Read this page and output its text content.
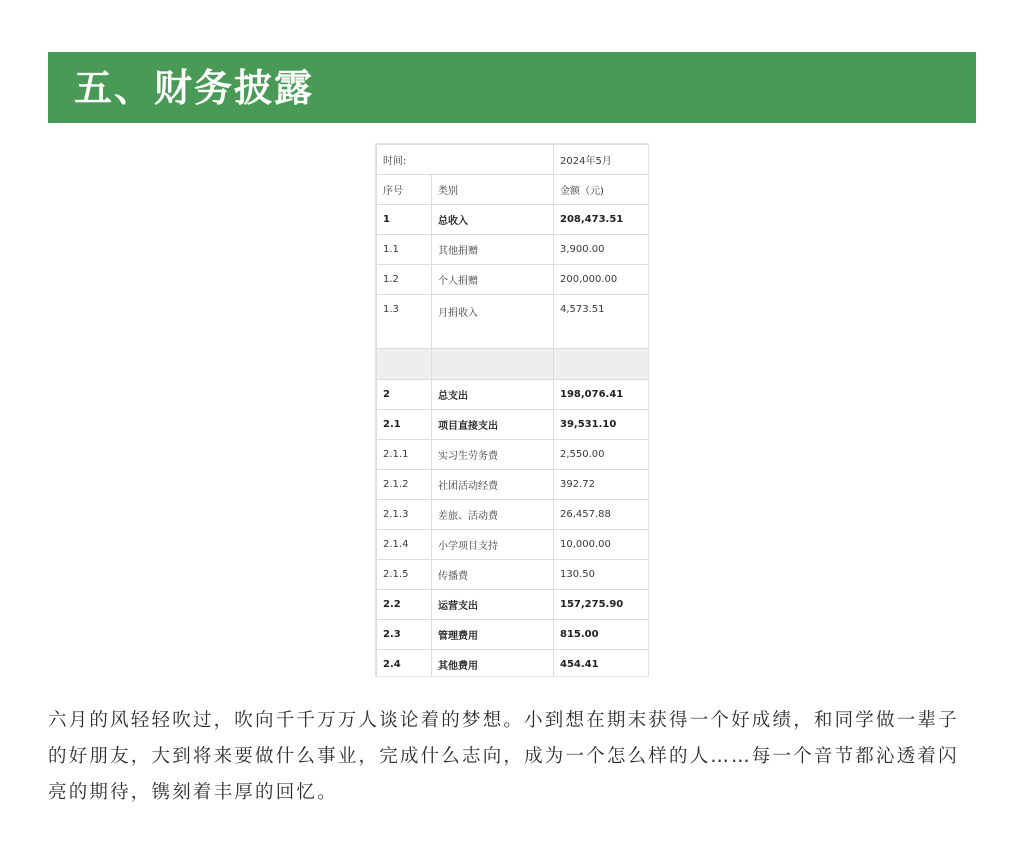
五、财务披露
时间:		2024年5月
序号	类别	金额（元)
1	总收入	208,473.51
1.1	其他捐赠	3,900.00
1.2	个人捐赠	200,000.00
1.3	月捐收入	4,573.51

2	总支出	198,076.41
2.1	项目直接支出	39,531.10
2.1.1	实习生劳务费	2,550.00
2.1.2	社团活动经费	392.72
2.1.3	差旅、活动费	26,457.88
2.1.4	小学项目支持	10,000.00
2.1.5	传播费	130.50
2.2	运营支出	157,275.90
2.3	管理费用	815.00
2.4	其他费用	454.41

六月的风轻轻吹过，吹向千千万万人谈论着的梦想。小到想在期末获得一个好成绩，和同学做一辈子的好朋友，大到将来要做什么事业，完成什么志向，成为一个怎么样的人……每一个音节都沁透着闪亮的期待，镌刻着丰厚的回忆。
